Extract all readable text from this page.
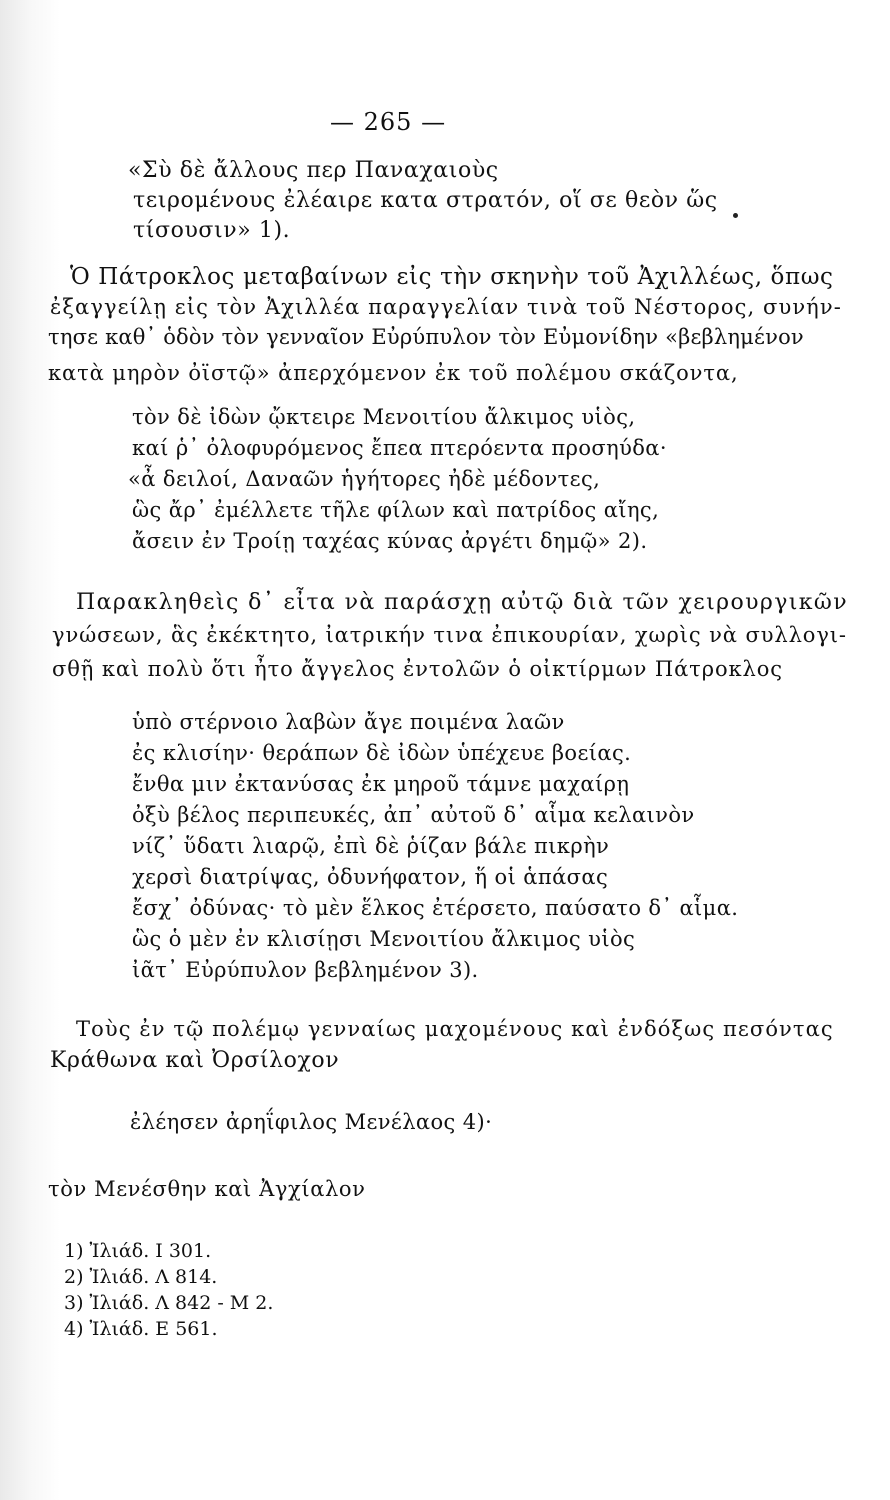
— 265 —
«Σὺ δὲ ἄλλους περ Παναχαιοὺς
τειρομένους ἐλέαιρε κατα στρατόν, οἵ σε θεὸν ὥς
τίσουσιν» 1).
Ὁ Πάτροκλος μεταβαίνων εἰς τὴν σκηνὴν τοῦ Ἀχιλλέως, ὅπως
ἐξαγγείλῃ εἰς τὸν Ἀχιλλέα παραγγελίαν τινὰ τοῦ Νέστορος, συνήν-
τησε καθ᾽ ὁδὸν τὸν γενναῖον Εὐρύπυλον τὸν Εὐμονίδην «βεβλημένον
κατὰ μηρὸν ὀϊστῷ» ἀπερχόμενον ἐκ τοῦ πολέμου σκάζοντα,
τὸν δὲ ἰδὼν ᾤκτειρε Μενοιτίου ἄλκιμος υἱὸς,
καί ῥ᾽ ὀλοφυρόμενος ἔπεα πτερόεντα προσηύδα·
«ἆ δειλοί, Δαναῶν ἡγήτορες ἠδὲ μέδοντες,
ὣς ἄρ᾽ ἐμέλλετε τῆλε φίλων καὶ πατρίδος αἴης,
ἄσειν ἐν Τροίῃ ταχέας κύνας ἀργέτι δημῷ» 2).
Παρακληθεὶς δ᾽ εἶτα νὰ παράσχῃ αὐτῷ διὰ τῶν χειρουργικῶν
γνώσεων, ἃς ἐκέκτητο, ἰατρικήν τινα ἐπικουρίαν, χωρὶς νὰ συλλογι-
σθῇ καὶ πολὺ ὅτι ἦτο ἄγγελος ἐντολῶν ὁ οἰκτίρμων Πάτροκλος
ὑπὸ στέρνοιο λαβὼν ἄγε ποιμένα λαῶν
ἐς κλισίην· θεράπων δὲ ἰδὼν ὑπέχευε βοείας.
ἔνθα μιν ἐκτανύσας ἐκ μηροῦ τάμνε μαχαίρῃ
ὀξὺ βέλος περιπευκές, ἀπ᾽ αὐτοῦ δ᾽ αἷμα κελαινὸν
νίζ᾽ ὕδατι λιαρῷ, ἐπὶ δὲ ῥίζαν βάλε πικρὴν
χερσὶ διατρίψας, ὀδυνήφατον, ἥ οἱ ἁπάσας
ἔσχ᾽ ὀδύνας· τὸ μὲν ἕλκος ἐτέρσετο, παύσατο δ᾽ αἷμα.
ὣς ὁ μὲν ἐν κλισίῃσι Μενοιτίου ἄλκιμος υἱὸς
ἰᾶτ᾽ Εὐρύπυλον βεβλημένον 3).
Τοὺς ἐν τῷ πολέμῳ γενναίως μαχομένους καὶ ἐνδόξως πεσόντας
Κράθωνα καὶ Ὀρσίλοχον
ἐλέησεν ἀρηΐφιλος Μενέλαος 4)·
τὸν Μενέσθην καὶ Ἀγχίαλον
1) Ἰλιάδ. Ι 301.
2) Ἰλιάδ. Λ 814.
3) Ἰλιάδ. Λ 842 - Μ 2.
4) Ἰλιάδ. Ε 561.
